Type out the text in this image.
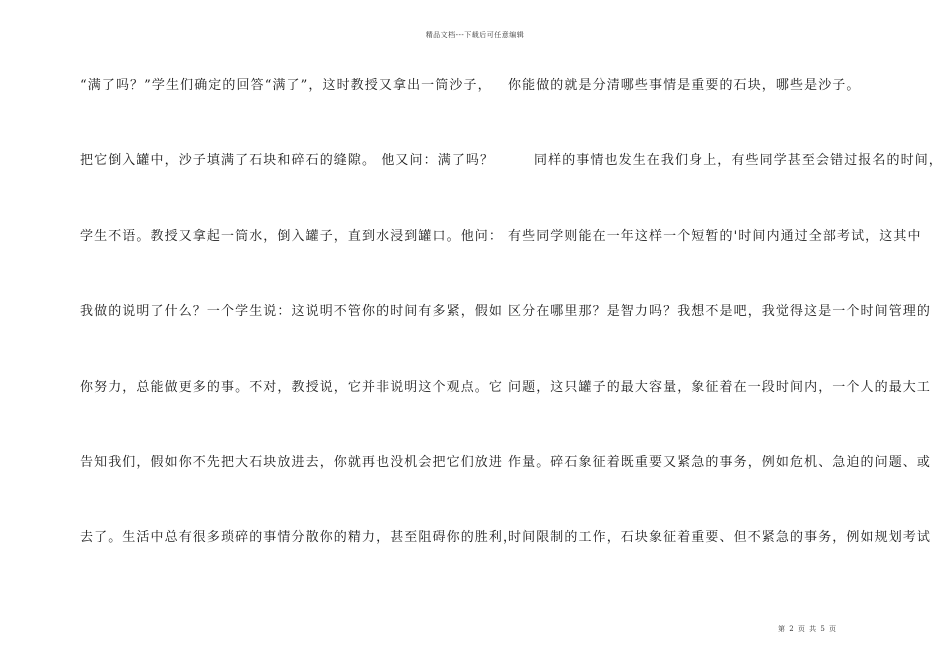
精品文档---下载后可任意编辑
“满了吗？”学生们确定的回答“满了”，这时教授又拿出一筒沙子，
把它倒入罐中，沙子填满了石块和碎石的缝隙。 他又问：满了吗？
学生不语。教授又拿起一筒水，倒入罐子，直到水浸到罐口。他问：
我做的说明了什么？一个学生说：这说明不管你的时间有多紧，假如
你努力，总能做更多的事。不对，教授说，它并非说明这个观点。它
告知我们，假如你不先把大石块放进去，你就再也没机会把它们放进
去了。生活中总有很多琐碎的事情分散你的精力，甚至阻碍你的胜利，
你能做的就是分清哪些事情是重要的石块，哪些是沙子。
同样的事情也发生在我们身上，有些同学甚至会错过报名的时间，
有些同学则能在一年这样一个短暂的'时间内通过全部考试，这其中
区分在哪里那？是智力吗？我想不是吧，我觉得这是一个时间管理的
问题，这只罐子的最大容量，象征着在一段时间内，一个人的最大工
作量。碎石象征着既重要又紧急的事务，例如危机、急迫的问题、或
时间限制的工作，石块象征着重要、但不紧急的事务，例如规划考试
第 2 页 共 5 页
